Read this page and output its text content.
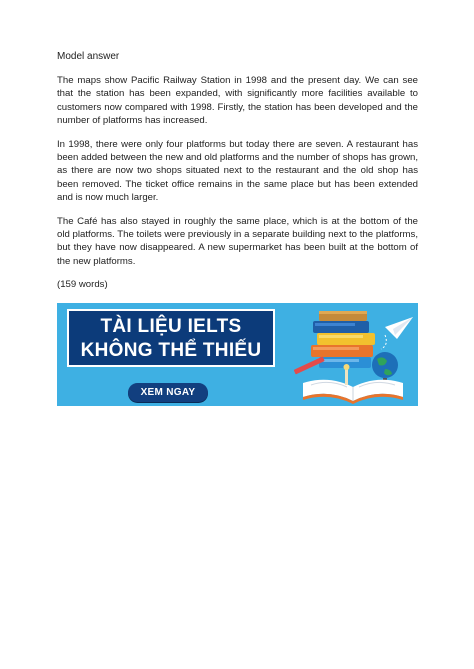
Model answer

The maps show Pacific Railway Station in 1998 and the present day. We can see that the station has been expanded, with significantly more facilities available to customers now compared with 1998. Firstly, the station has been developed and the number of platforms has increased.

In 1998, there were only four platforms but today there are seven. A restaurant has been added between the new and old platforms and the number of shops has grown, as there are now two shops situated next to the restaurant and the old shop has been removed. The ticket office remains in the same place but has been extended and is now much larger.

The Café has also stayed in roughly the same place, which is at the bottom of the old platforms. The toilets were previously in a separate building next to the platforms, but they have now disappeared. A new supermarket has been built at the bottom of the new platforms.

(159 words)

TÀI LIỆU IELTS
KHÔNG THỂ THIẾU
XEM NGAY
